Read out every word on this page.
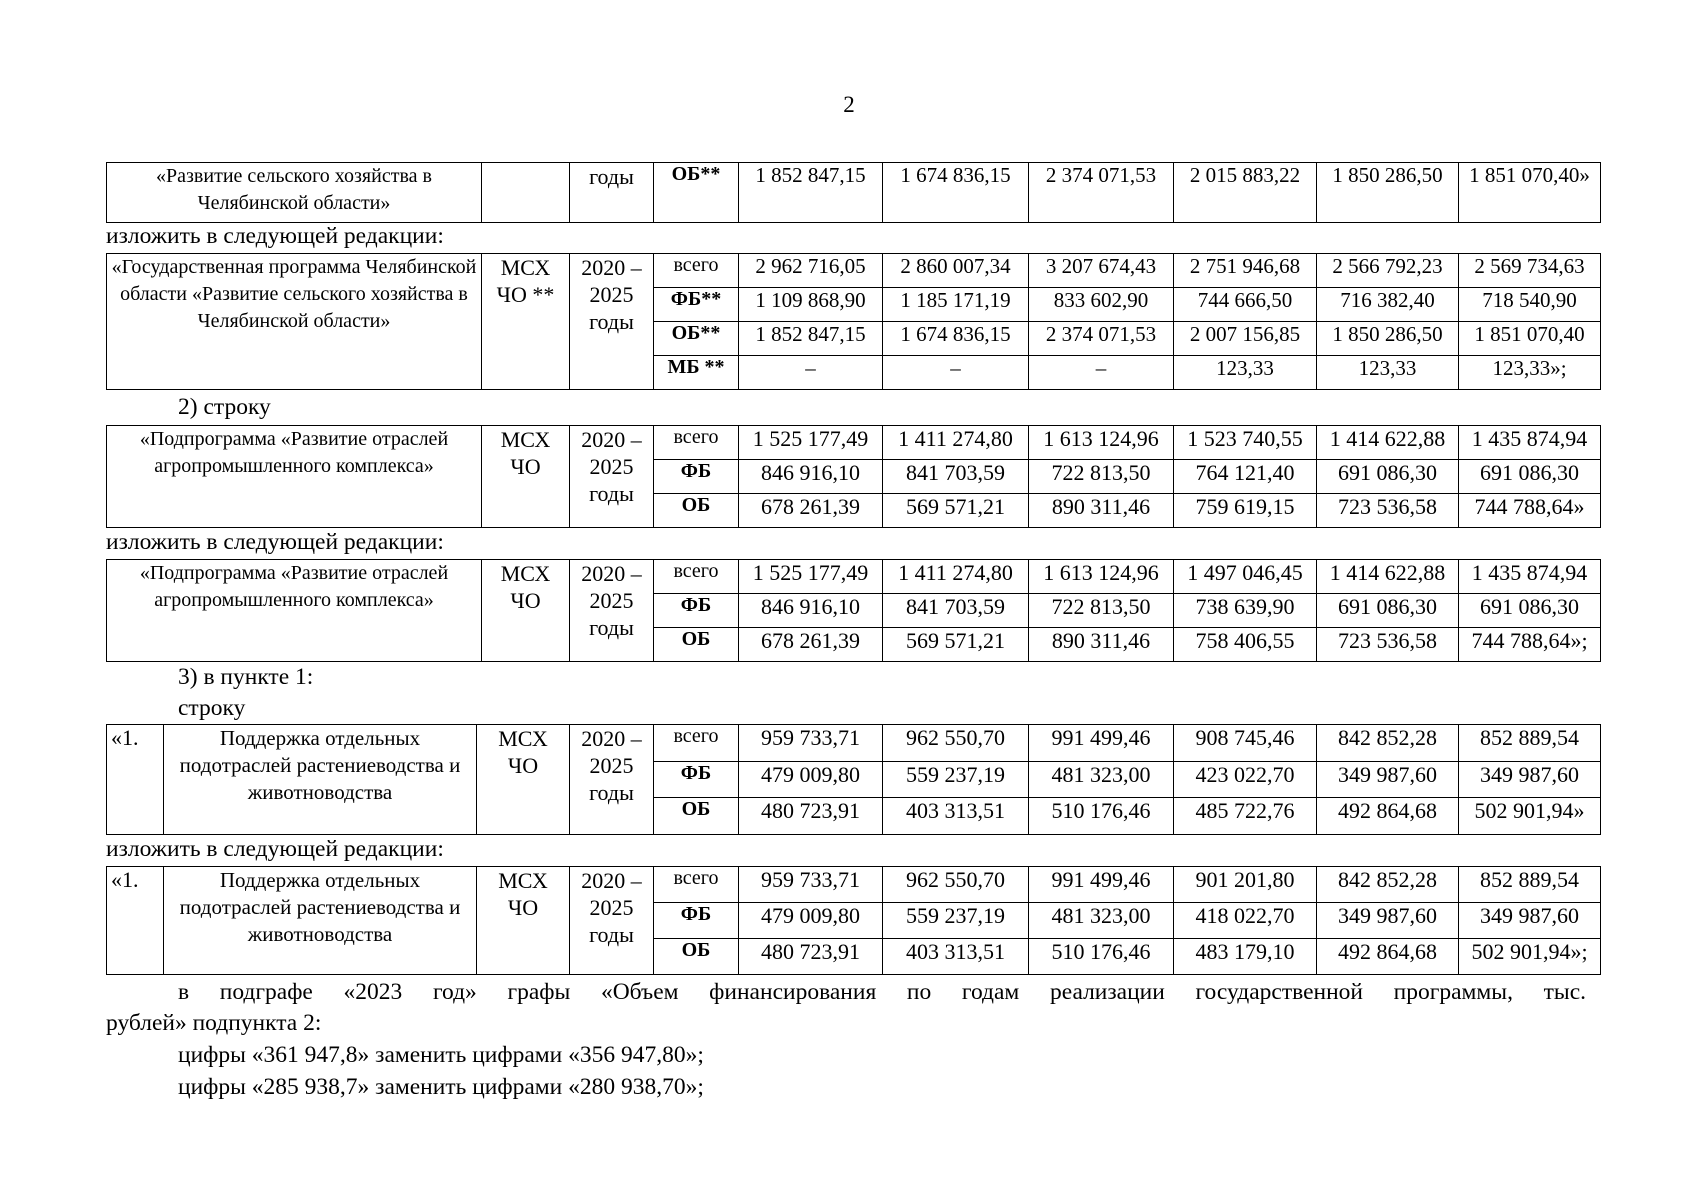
2
«Развитие сельского хозяйства в Челябинской области»		годы	ОБ**	1 852 847,15	1 674 836,15	2 374 071,53	2 015 883,22	1 850 286,50	1 851 070,40»
изложить в следующей редакции:
«Государственная программа Челябинской области «Развитие сельского хозяйства в Челябинской области»	МСХ ЧО **	2020 – 2025 годы	всего	2 962 716,05	2 860 007,34	3 207 674,43	2 751 946,68	2 566 792,23	2 569 734,63
			ФБ**	1 109 868,90	1 185 171,19	833 602,90	744 666,50	716 382,40	718 540,90
			ОБ**	1 852 847,15	1 674 836,15	2 374 071,53	2 007 156,85	1 850 286,50	1 851 070,40
			МБ **	–	–	–	123,33	123,33	123,33»;
2) строку
«Подпрограмма «Развитие отраслей агропромышленного комплекса»	МСХ ЧО	2020 – 2025 годы	всего	1 525 177,49	1 411 274,80	1 613 124,96	1 523 740,55	1 414 622,88	1 435 874,94
			ФБ	846 916,10	841 703,59	722 813,50	764 121,40	691 086,30	691 086,30
			ОБ	678 261,39	569 571,21	890 311,46	759 619,15	723 536,58	744 788,64»
изложить в следующей редакции:
«Подпрограмма «Развитие отраслей агропромышленного комплекса»	МСХ ЧО	2020 – 2025 годы	всего	1 525 177,49	1 411 274,80	1 613 124,96	1 497 046,45	1 414 622,88	1 435 874,94
			ФБ	846 916,10	841 703,59	722 813,50	738 639,90	691 086,30	691 086,30
			ОБ	678 261,39	569 571,21	890 311,46	758 406,55	723 536,58	744 788,64»;
3) в пункте 1:
строку
«1.	Поддержка отдельных подотраслей растениеводства и животноводства	МСХ ЧО	2020 – 2025 годы	всего	959 733,71	962 550,70	991 499,46	908 745,46	842 852,28	852 889,54
				ФБ	479 009,80	559 237,19	481 323,00	423 022,70	349 987,60	349 987,60
				ОБ	480 723,91	403 313,51	510 176,46	485 722,76	492 864,68	502 901,94»
изложить в следующей редакции:
«1.	Поддержка отдельных подотраслей растениеводства и животноводства	МСХ ЧО	2020 – 2025 годы	всего	959 733,71	962 550,70	991 499,46	901 201,80	842 852,28	852 889,54
				ФБ	479 009,80	559 237,19	481 323,00	418 022,70	349 987,60	349 987,60
				ОБ	480 723,91	403 313,51	510 176,46	483 179,10	492 864,68	502 901,94»;
в подграфе «2023 год» графы «Объем финансирования по годам реализации государственной программы, тыс.
рублей» подпункта 2:
цифры «361 947,8» заменить цифрами «356 947,80»;
цифры «285 938,7» заменить цифрами «280 938,70»;
